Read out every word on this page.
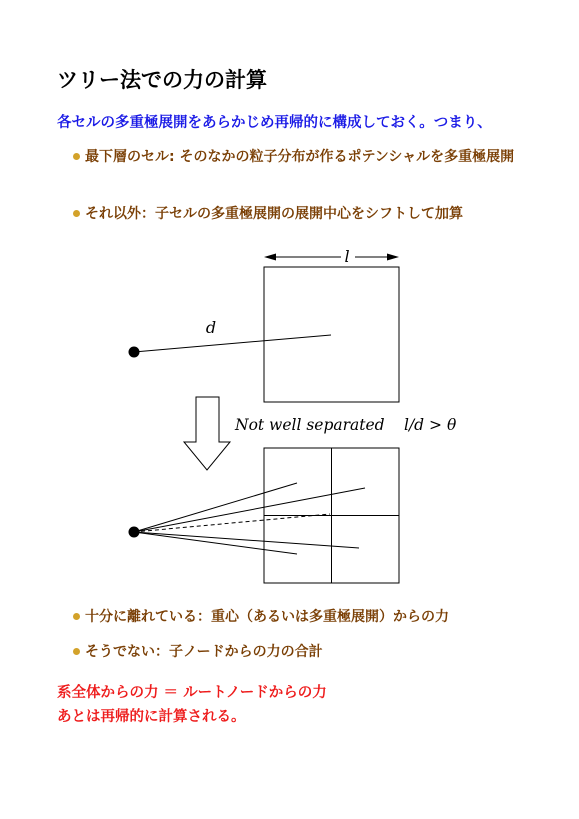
ツリー法での力の計算
各セルの多重極展開をあらかじめ再帰的に構成しておく。つまり、
最下層のセル: そのなかの粒子分布が作るポテンシャルを多重極展開
それ以外：子セルの多重極展開の展開中心をシフトして加算
l
d
Not well separated l/d > θ
十分に離れている：重心（あるいは多重極展開）からの力
そうでない：子ノードからの力の合計
系全体からの力 ＝ ルートノードからの力
あとは再帰的に計算される。
